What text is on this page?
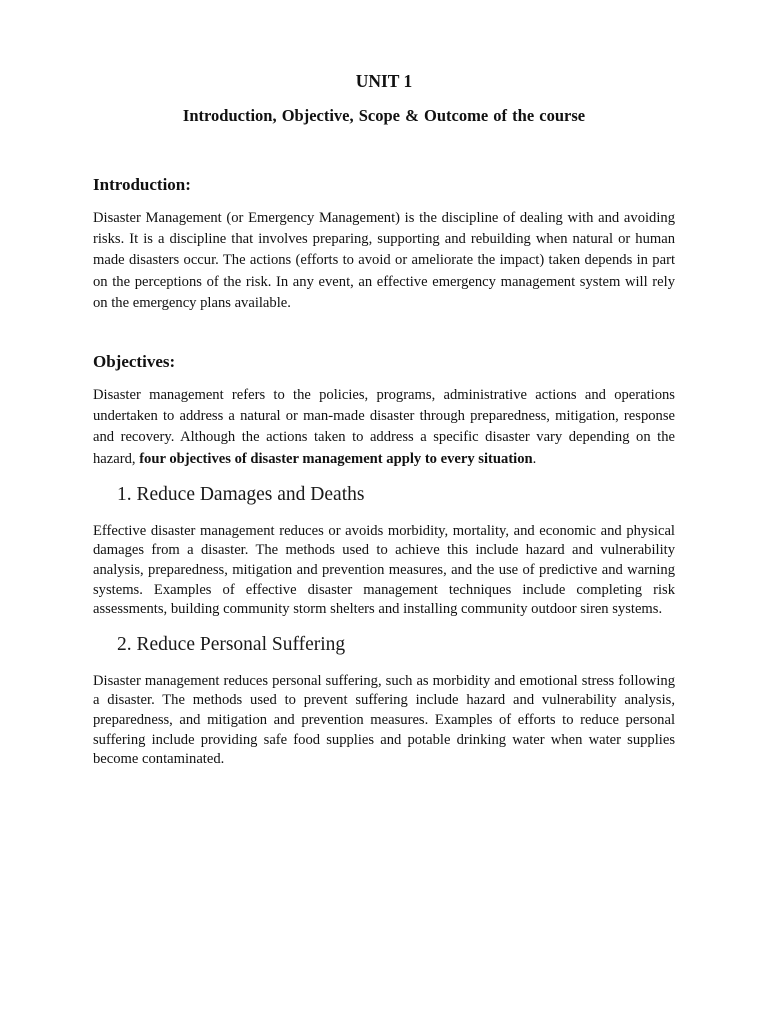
UNIT 1
Introduction, Objective, Scope & Outcome of the course
Introduction:

Disaster Management (or Emergency Management) is the discipline of dealing with and avoiding risks. It is a discipline that involves preparing, supporting and rebuilding when natural or human made disasters occur. The actions (efforts to avoid or ameliorate the impact) taken depends in part on the perceptions of the risk. In any event, an effective emergency management system will rely on the emergency plans available.

Objectives:

Disaster management refers to the policies, programs, administrative actions and operations undertaken to address a natural or man-made disaster through preparedness, mitigation, response and recovery. Although the actions taken to address a specific disaster vary depending on the hazard, four objectives of disaster management apply to every situation.

1. Reduce Damages and Deaths

Effective disaster management reduces or avoids morbidity, mortality, and economic and physical damages from a disaster. The methods used to achieve this include hazard and vulnerability analysis, preparedness, mitigation and prevention measures, and the use of predictive and warning systems. Examples of effective disaster management techniques include completing risk assessments, building community storm shelters and installing community outdoor siren systems.

2. Reduce Personal Suffering

Disaster management reduces personal suffering, such as morbidity and emotional stress following a disaster. The methods used to prevent suffering include hazard and vulnerability analysis, preparedness, and mitigation and prevention measures. Examples of efforts to reduce personal suffering include providing safe food supplies and potable drinking water when water supplies become contaminated.
